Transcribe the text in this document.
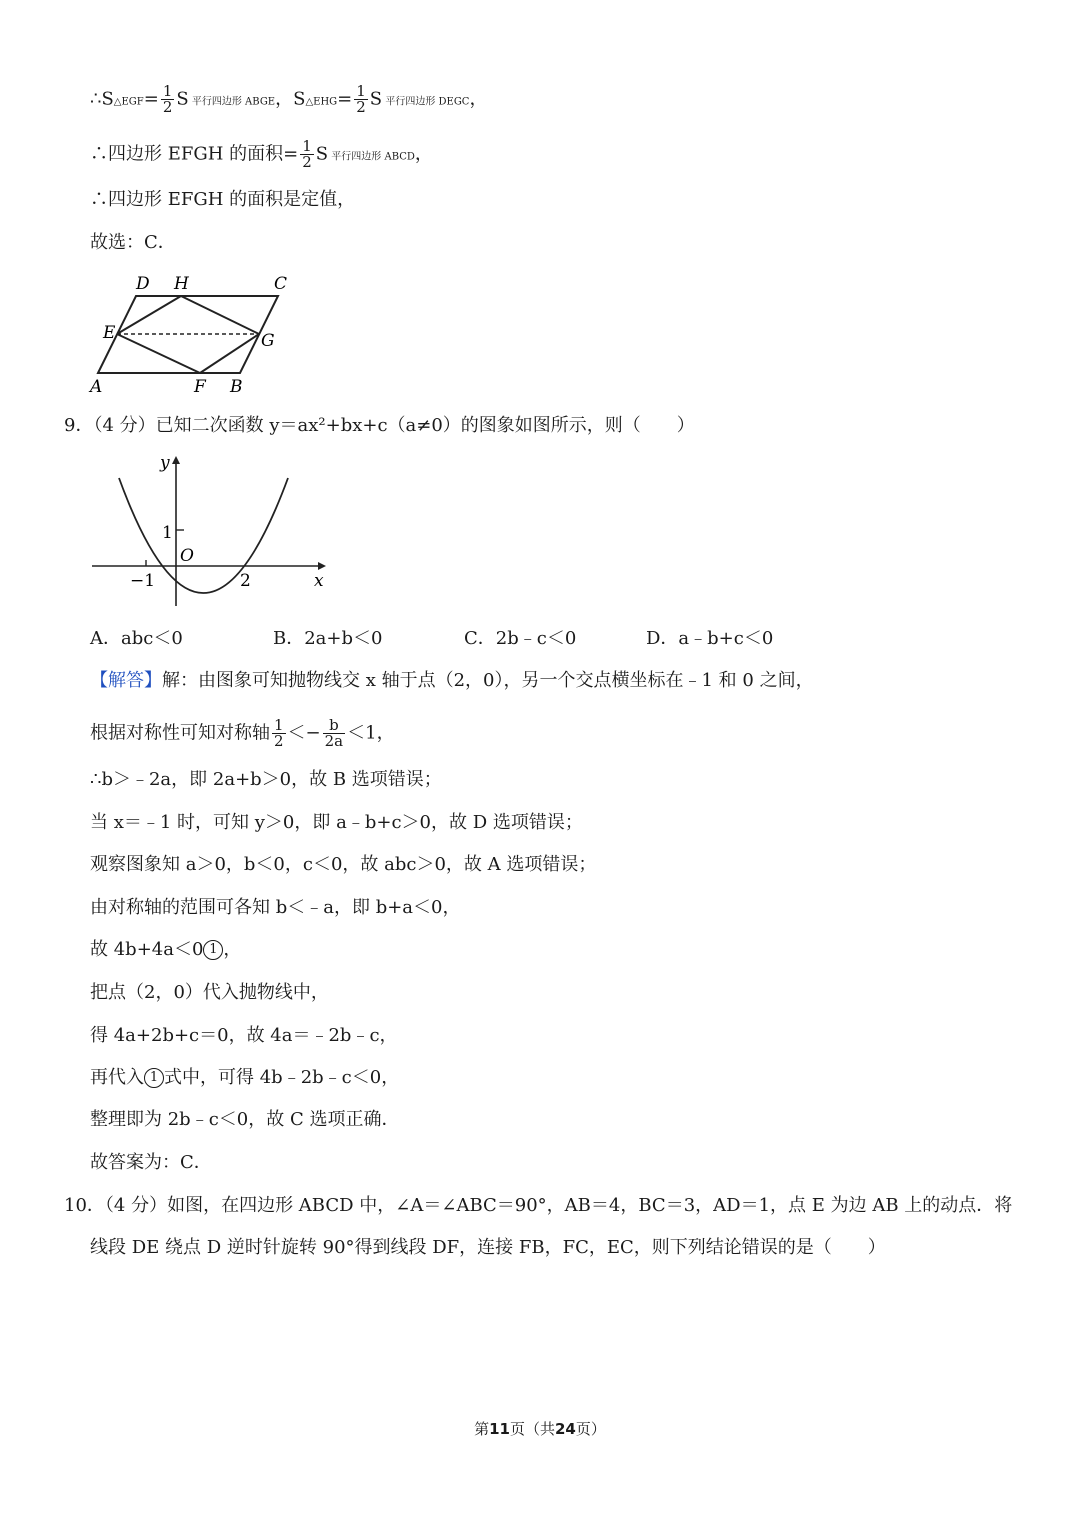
∴S△EGF= $\frac{1}{2}$ S 平行四边形 ABGE，S△EHG= $\frac{1}{2}$ S 平行四边形 DEGC，
∴四边形 EFGH 的面积= $\frac{1}{2}$ S 平行四边形 ABCD，
∴四边形 EFGH 的面积是定值，
故选：C．
D H	C
E	G
A	F B
9．（4 分）已知二次函数 y＝ax²+bx+c（a≠0）的图象如图所示，则（　　）
y
x
1
O
−1	2
A．abc＜0	B．2a+b＜0	C．2b﹣c＜0	D．a﹣b+c＜0
【解答】解：由图象可知抛物线交 x 轴于点（2，0），另一个交点横坐标在﹣1 和 0 之间，
根据对称性可知对称轴 $\frac{1}{2} <- \frac{b}{2a} <1$，
∴b＞﹣2a，即 2a+b＞0，故 B 选项错误；
当 x＝﹣1 时，可知 y＞0，即 a﹣b+c＞0，故 D 选项错误；
观察图象知 a＞0，b＜0，c＜0，故 abc＞0，故 A 选项错误；
由对称轴的范围可各知 b＜﹣a，即 b+a＜0，
故 4b+4a＜0 1 ，
把点（2，0）代入抛物线中，
得 4a+2b+c＝0，故 4a＝﹣2b﹣c，
再代入 1 式中，可得 4b﹣2b﹣c＜0，
整理即为 2b﹣c＜0，故 C 选项正确．
故答案为：C．
10．（4 分）如图，在四边形 ABCD 中，∠A＝∠ABC＝90°，AB＝4，BC＝3，AD＝1，点 E 为边 AB 上的动点．将
线段 DE 绕点 D 逆时针旋转 90°得到线段 DF，连接 FB，FC，EC，则下列结论错误的是（　　）
第11页（共24页）
